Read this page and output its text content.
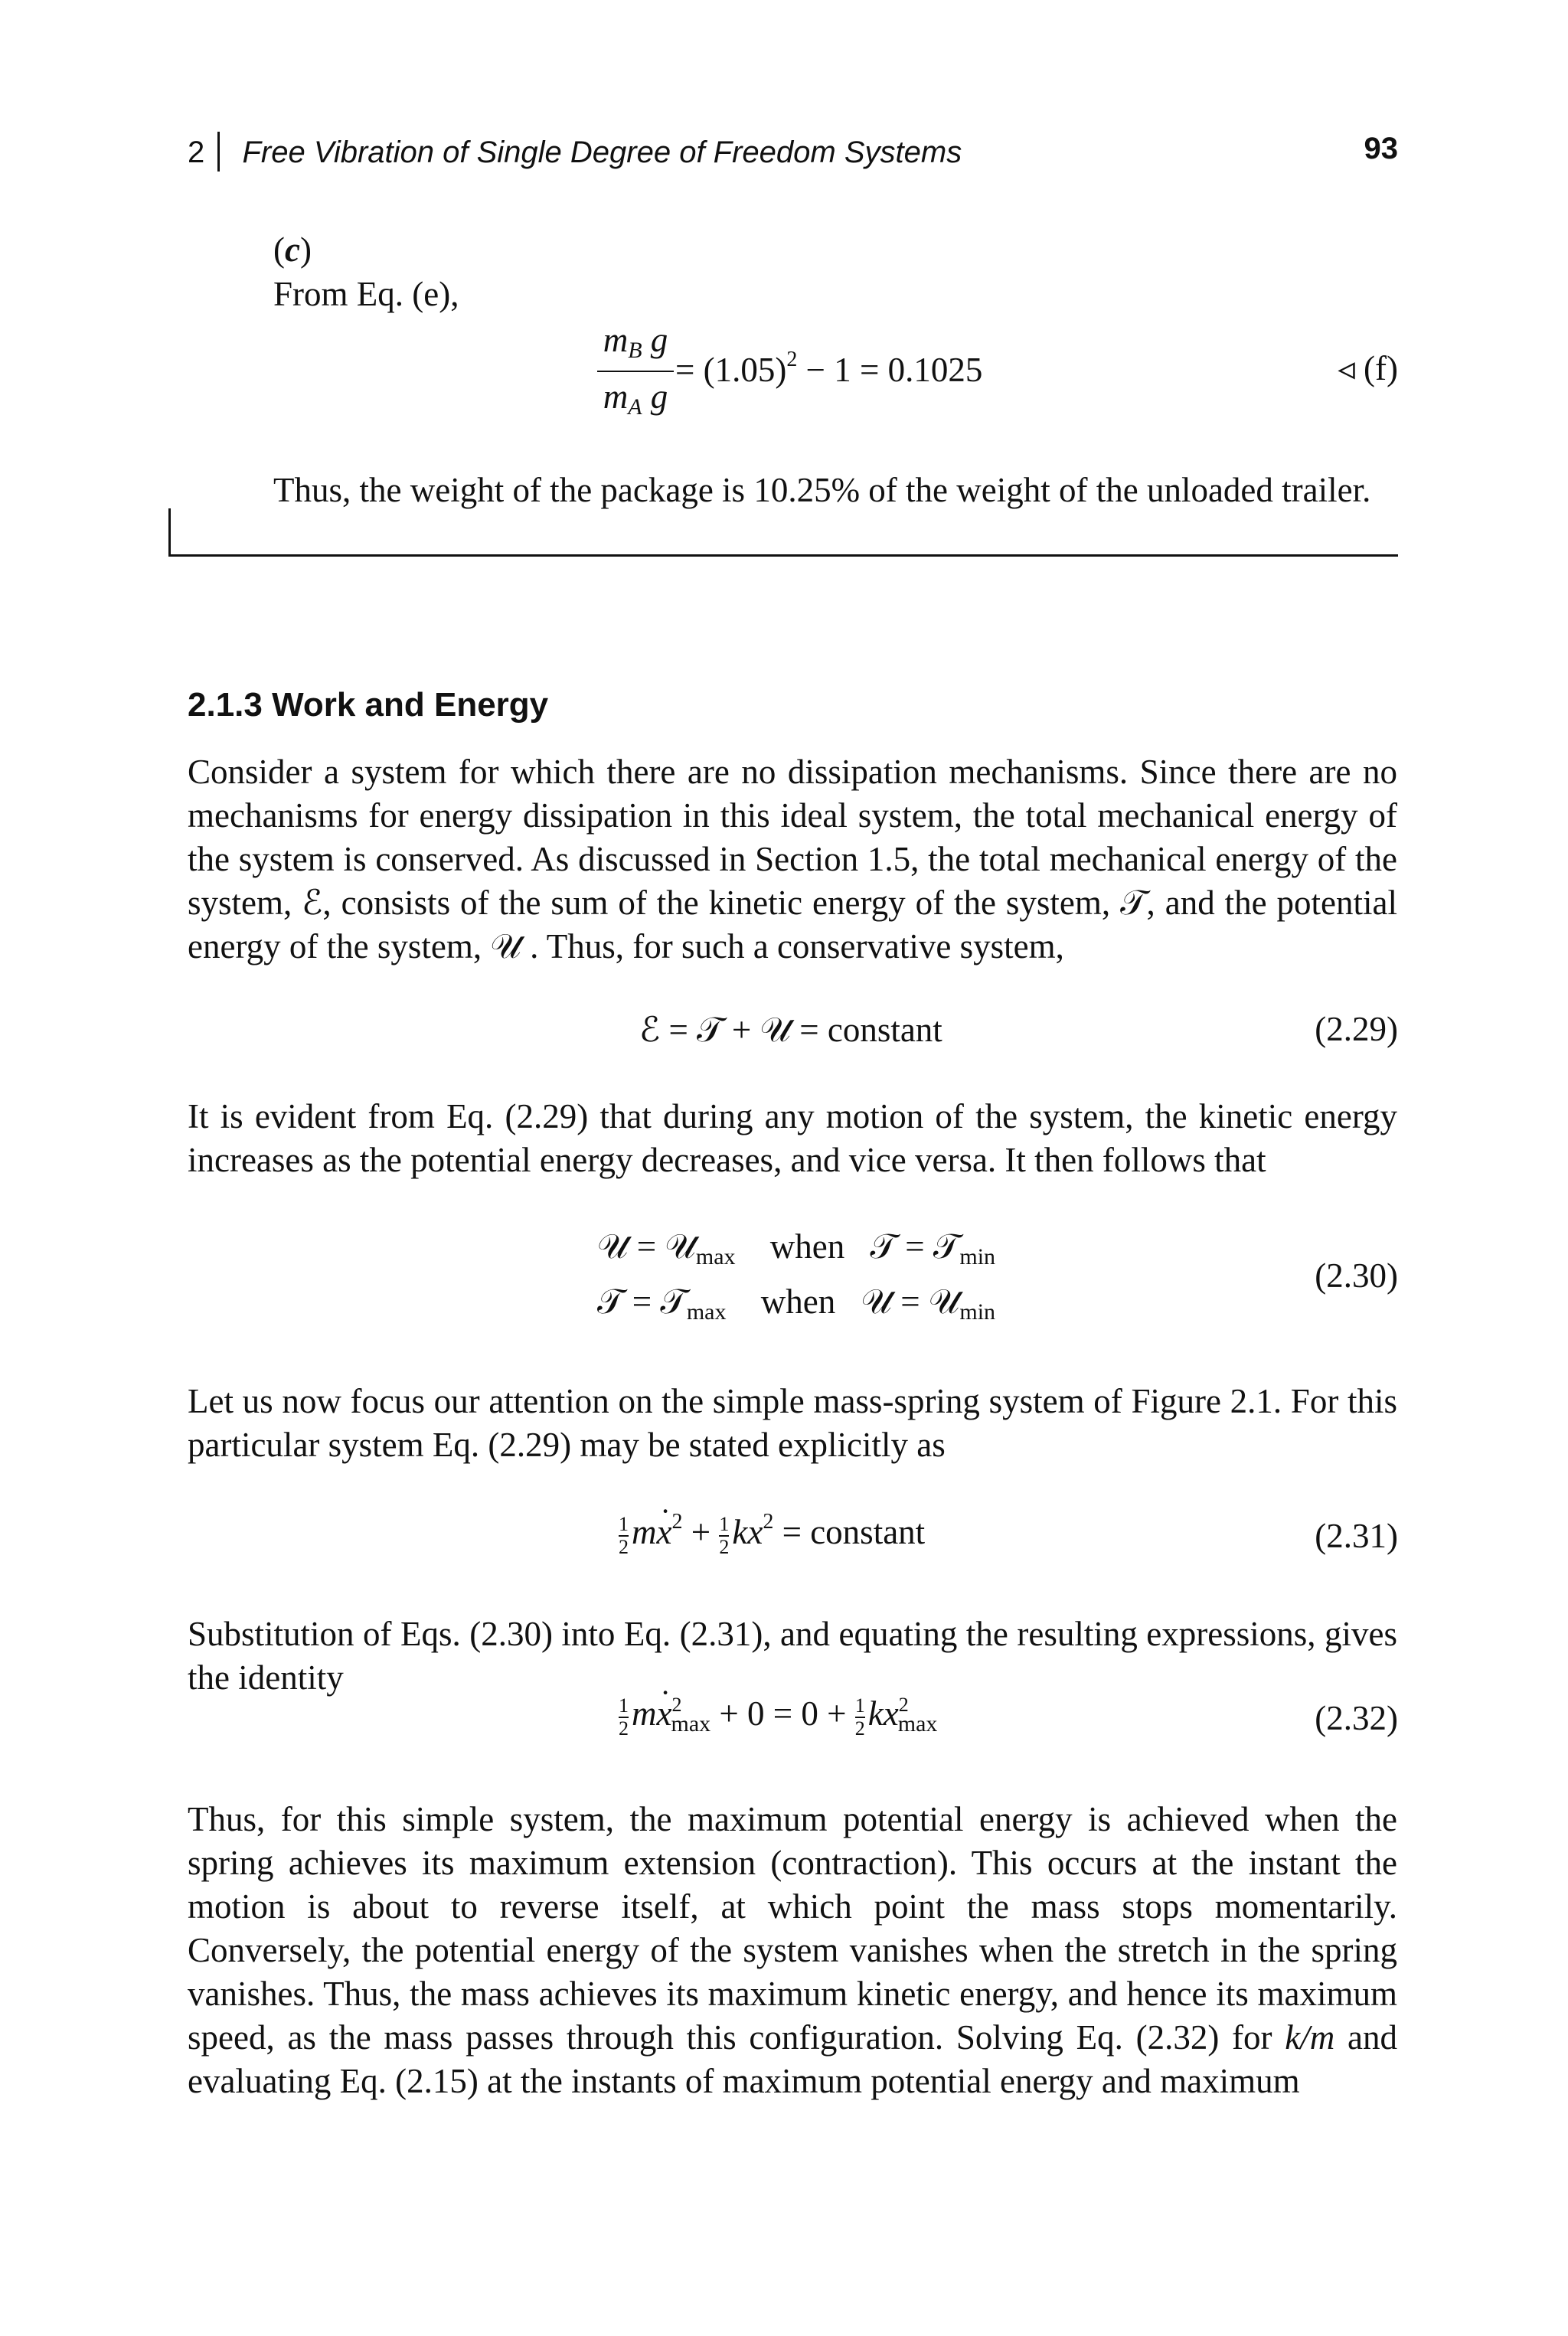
2 Free Vibration of Single Degree of Freedom Systems	93
(c)
From Eq. (e),
$m_B$ g
$m_A$ g
= $(1.05)^2 - 1 = 0.1025$	◃ (f)
Thus, the weight of the package is 10.25% of the weight of the unloaded trailer.
2.1.3 Work and Energy
Consider a system for which there are no dissipation mechanisms. Since there are no mechanisms for energy dissipation in this ideal system, the total mechanical energy of the system is conserved. As discussed in Section 1.5, the total mechanical energy of the system, ℰ, consists of the sum of the kinetic energy of the system, 𝒯, and the potential energy of the system, 𝒰 . Thus, for such a conservative system,
ℰ = 𝒯 + 𝒰 = constant	(2.29)
It is evident from Eq. (2.29) that during any motion of the system, the kinetic energy increases as the potential energy decreases, and vice versa. It then follows that
𝒰 = 𝒰$_{max}$ when 𝒯 = 𝒯$_{min}$
𝒯 = 𝒯$_{max}$ when 𝒰 = 𝒰$_{min}$
(2.30)
Let us now focus our attention on the simple mass-spring system of Figure 2.1. For this particular system Eq. (2.29) may be stated explicitly as
$\frac{1}{2}$ mx $\cdot^2 + \frac{1}{2} kx^2$ = constant	(2.31)
Substitution of Eqs. (2.30) into Eq. (2.31), and equating the resulting expressions, gives the identity
$\frac{1}{2}$ mx $\cdot^2_{max} + 0 = 0 + \frac{1}{2} kx^2_{max}$	(2.32)
Thus, for this simple system, the maximum potential energy is achieved when the spring achieves its maximum extension (contraction). This occurs at the instant the motion is about to reverse itself, at which point the mass stops momentarily. Conversely, the potential energy of the system vanishes when the stretch in the spring vanishes. Thus, the mass achieves its maximum kinetic energy, and hence its maximum speed, as the mass passes through this configuration. Solving Eq. (2.32) for k/m and evaluating Eq. (2.15) at the instants of maximum potential energy and maximum
